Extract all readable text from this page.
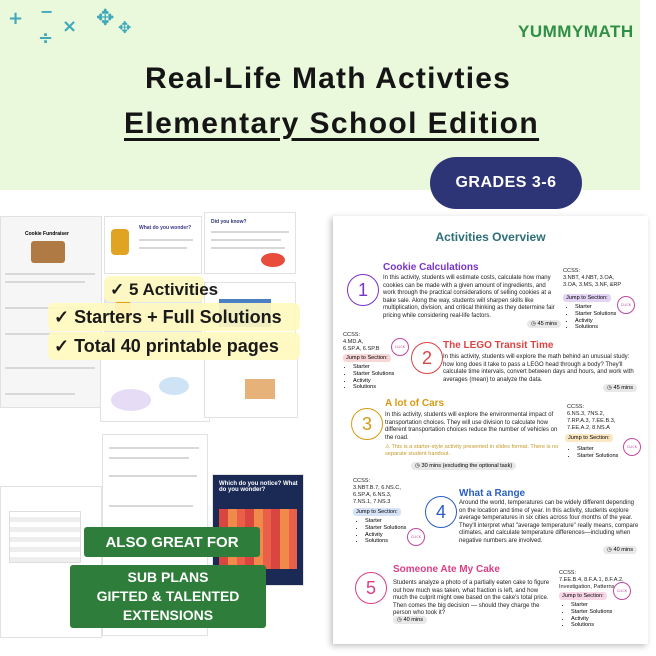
+ −
×
÷
✥ ✥	YUMMYMATH
Real-Life Math Activties
Elementary School Edition
GRADES 3-6
Cookie Fundraiser
What do you wonder?
Did you know?
Which do you notice? What do you wonder?
✓ 5 Activities
✓ Starters + Full Solutions
✓ Total 40 printable pages
ALSO GREAT FOR
SUB PLANS
GIFTED & TALENTED
EXTENSIONS
Activities Overview
1
Cookie Calculations
In this activity, students will estimate costs, calculate how many cookies can be made with a given amount of ingredients, and work through the practical considerations of selling cookies at a bake sale. Along the way, students will sharpen skills like multiplication, division, and critical thinking as they determine fair pricing while considering real-life factors.
◷ 45 mins
CCSS:
3.NBT, 4.NBT, 3.OA,
3.OA, 3.MS, 3.NF, &RP
Jump to Section:
CLICK
• Starter
• Starter Solutions
• Activity
• Solutions
CCSS:
4.MD.A,
6.SP.A, 6.SP.B
Jump to Section:
CLICK
• Starter
• Starter Solutions
• Activity
• Solutions
2
The LEGO Transit Time
In this activity, students will explore the math behind an unusual study: how long does it take to pass a LEGO head through a body? They'll calculate time intervals, convert between days and hours, and work with averages (mean) to analyze the data.
◷ 45 mins
3
A lot of Cars
In this activity, students will explore the environmental impact of transportation choices. They will use division to calculate how different transportation choices reduce the number of vehicles on the road.
⚠ This is a starter-style activity presented in slides format. There is no separate student handout.
◷ 30 mins (excluding the optional task)
CCSS:
6.NS.3, 7NS.2,
7.RP.A.3, 7.EE.B.3,
7.EE.A.2, 8.NS.A
Jump to Section:
CLICK
• Starter
• Starter Solutions
CCSS:
3.NBT.B.7, 6.NS.C,
6.SP.A, 6.NS.3,
7.NS.1, 7.NS.3
Jump to Section:
CLICK
• Starter
• Starter Solutions
• Activity
• Solutions
4
What a Range
Around the world, temperatures can be widely different depending on the location and time of year. In this activity, students explore average temperatures in six cities across four months of the year. They'll interpret what "average temperature" really means, compare climates, and calculate temperature differences—including when negative numbers are involved.
◷ 40 mins
5
Someone Ate My Cake
Students analyze a photo of a partially eaten cake to figure out how much was taken, what fraction is left, and how much the culprit might owe based on the cake's total price. Then comes the big decision — should they charge the person who took it?
◷ 40 mins
CCSS:
7.EE.B.4, 8.F.A.1, 8.F.A.2,
Investigation, Patterns
Jump to Section:
CLICK
• Starter
• Starter Solutions
• Activity
• Solutions
